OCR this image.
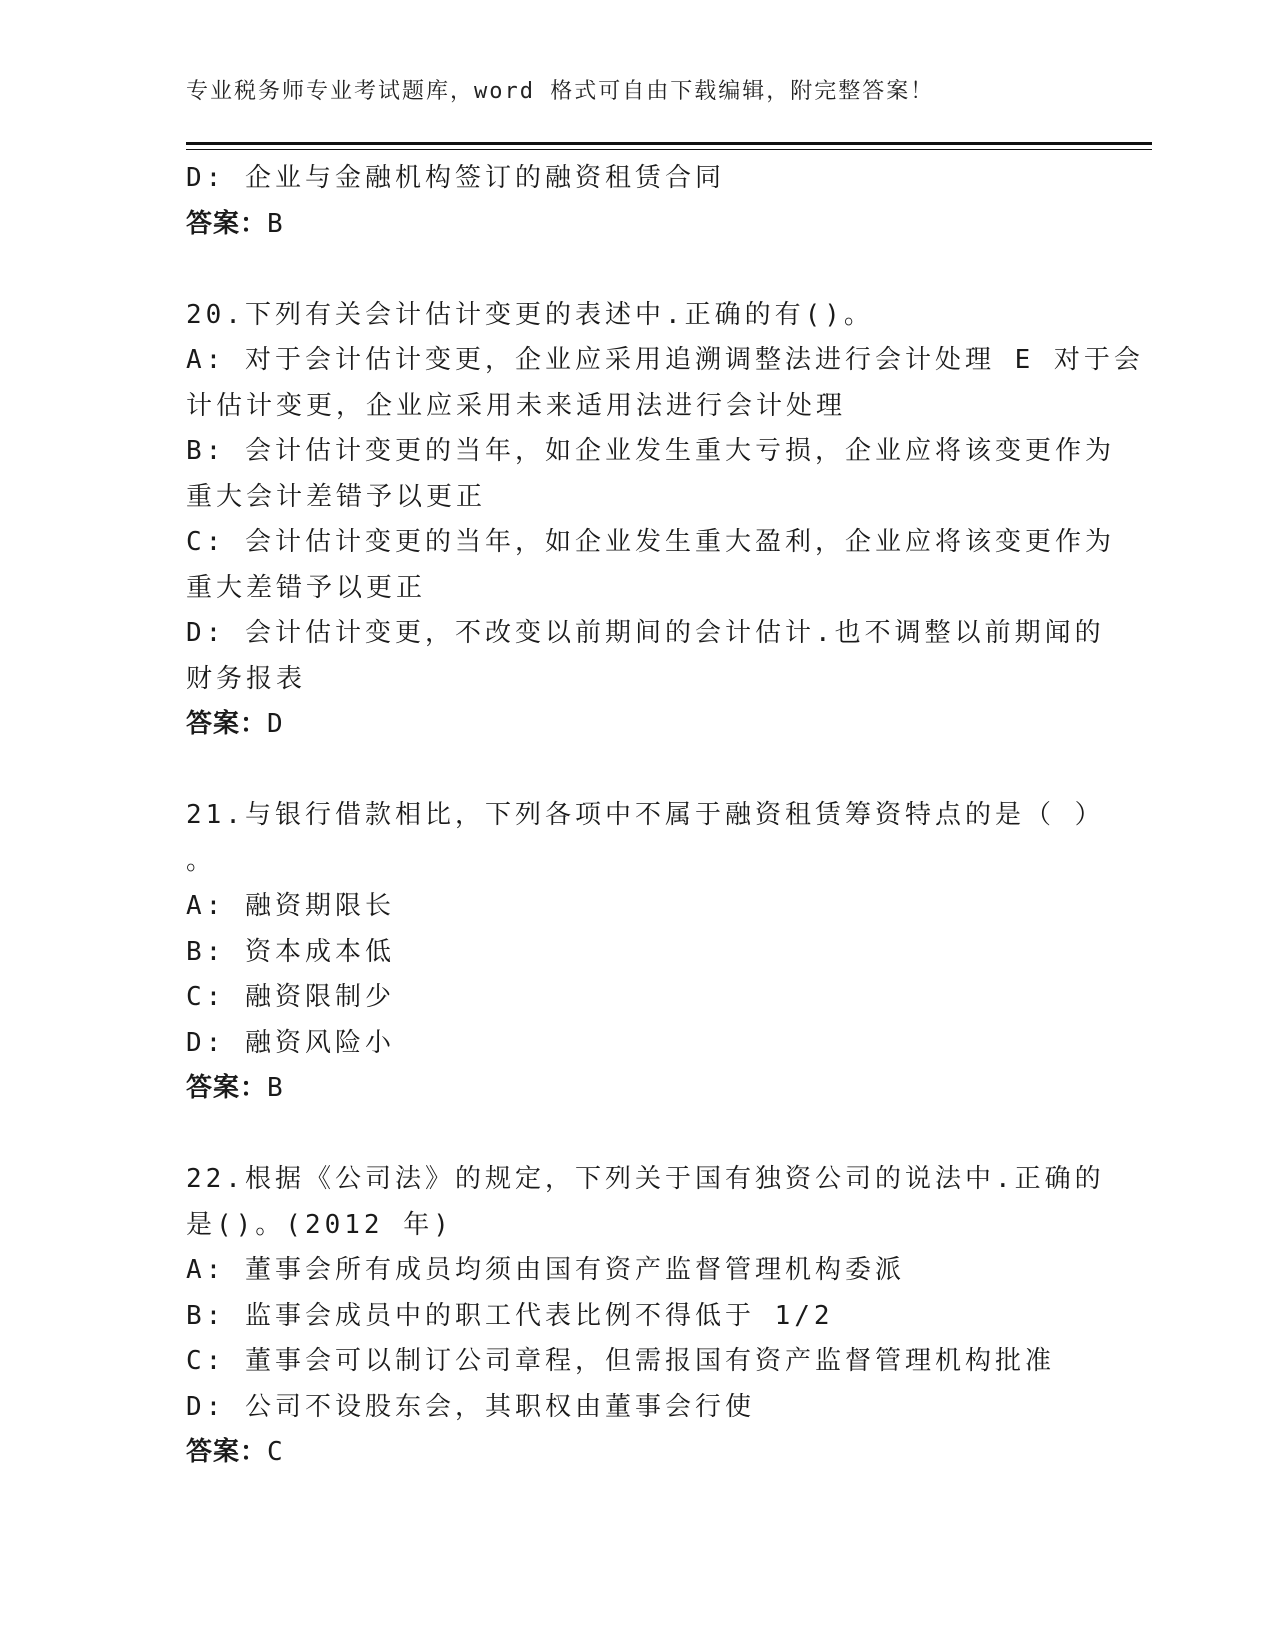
专业税务师专业考试题库，word 格式可自由下载编辑，附完整答案！
D: 企业与金融机构签订的融资租赁合同
答案：B
20.下列有关会计估计变更的表述中.正确的有()。
A: 对于会计估计变更，企业应采用追溯调整法进行会计处理 E 对于会
计估计变更，企业应采用未来适用法进行会计处理
B: 会计估计变更的当年，如企业发生重大亏损，企业应将该变更作为
重大会计差错予以更正
C: 会计估计变更的当年，如企业发生重大盈利，企业应将该变更作为
重大差错予以更正
D: 会计估计变更，不改变以前期间的会计估计.也不调整以前期闻的
财务报表
答案：D
21.与银行借款相比，下列各项中不属于融资租赁筹资特点的是（ ）
。
A: 融资期限长
B: 资本成本低
C: 融资限制少
D: 融资风险小
答案：B
22.根据《公司法》的规定，下列关于国有独资公司的说法中.正确的
是()。(2012 年)
A: 董事会所有成员均须由国有资产监督管理机构委派
B: 监事会成员中的职工代表比例不得低于 1/2
C: 董事会可以制订公司章程，但需报国有资产监督管理机构批准
D: 公司不设股东会，其职权由董事会行使
答案：C
